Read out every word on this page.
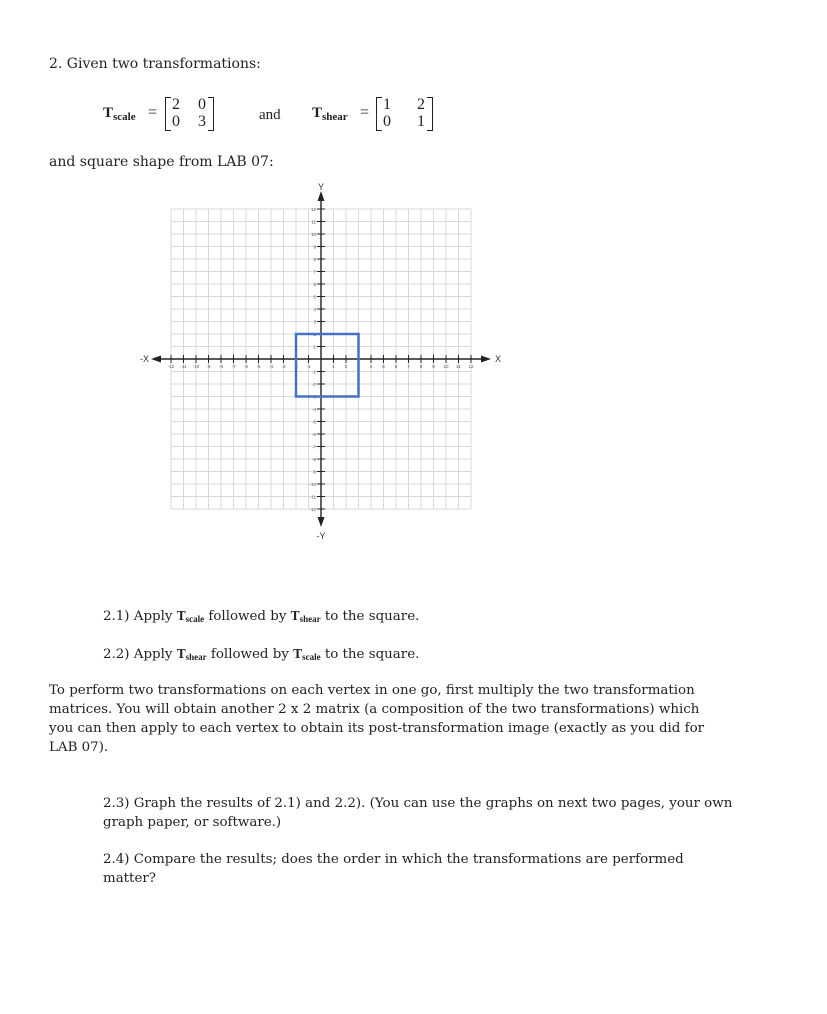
2. Given two transformations:
$T_{scale} = 2$ 0
0 3	and $T_{shear} = 1$ 2
0 1
and square shape from LAB 07:
12
11
10
9
8
7
6
5
4
3
2
1
-1
-2
-3
-4
-5
-6
-7
-8
-9
-10
-11
-12
-12 -11 -10 -9 -8 -7 -6 -5 -4 -3 -2 -1	1 2 3 4 5 6 7 8 9 10 11 12
Y
-Y
X
-X
2.1) Apply $T_{scale}$ followed by $T_{shear}$ to the square.
2.2) Apply $T_{shear}$ followed by $T_{scale}$ to the square.
To perform two transformations on each vertex in one go, first multiply the two transformation matrices. You will obtain another 2 x 2 matrix (a composition of the two transformations) which you can then apply to each vertex to obtain its post-transformation image (exactly as you did for LAB 07).
2.3) Graph the results of 2.1) and 2.2). (You can use the graphs on next two pages, your own graph paper, or software.)
2.4) Compare the results; does the order in which the transformations are performed matter?
